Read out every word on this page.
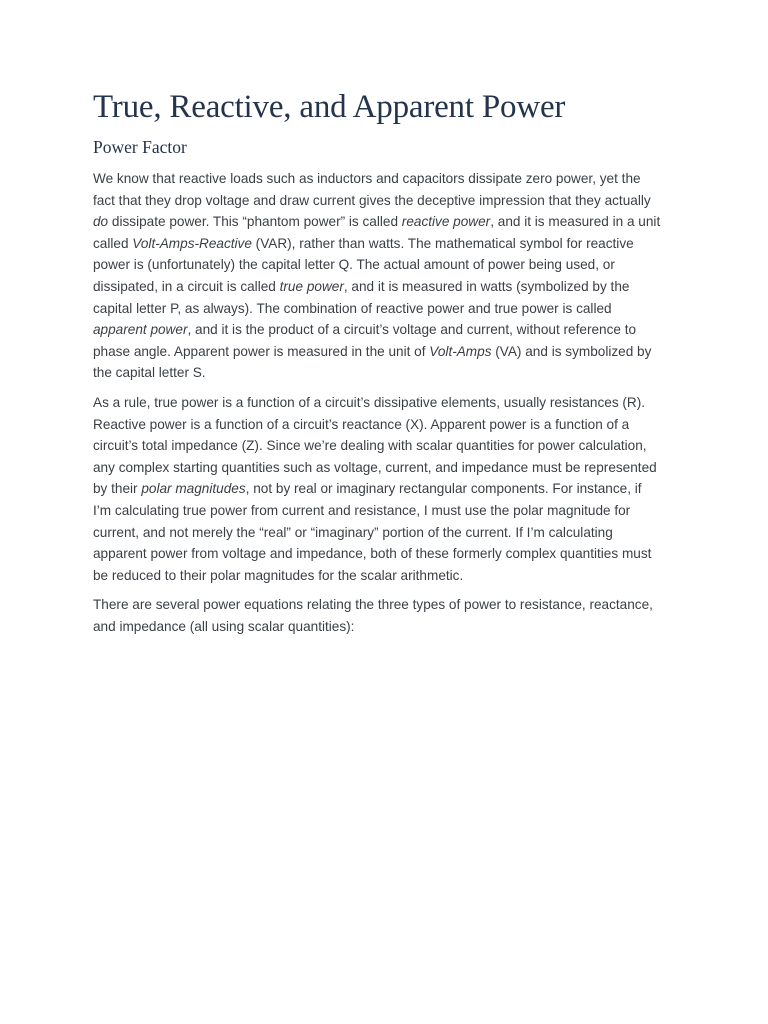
True, Reactive, and Apparent Power
Power Factor

We know that reactive loads such as inductors and capacitors dissipate zero power, yet the fact that they drop voltage and draw current gives the deceptive impression that they actually do dissipate power. This “phantom power” is called reactive power, and it is measured in a unit called Volt-Amps-Reactive (VAR), rather than watts. The mathematical symbol for reactive power is (unfortunately) the capital letter Q. The actual amount of power being used, or dissipated, in a circuit is called true power, and it is measured in watts (symbolized by the capital letter P, as always). The combination of reactive power and true power is called apparent power, and it is the product of a circuit’s voltage and current, without reference to phase angle. Apparent power is measured in the unit of Volt-Amps (VA) and is symbolized by the capital letter S.

As a rule, true power is a function of a circuit’s dissipative elements, usually resistances (R). Reactive power is a function of a circuit’s reactance (X). Apparent power is a function of a circuit’s total impedance (Z). Since we’re dealing with scalar quantities for power calculation, any complex starting quantities such as voltage, current, and impedance must be represented by their polar magnitudes, not by real or imaginary rectangular components. For instance, if I’m calculating true power from current and resistance, I must use the polar magnitude for current, and not merely the “real” or “imaginary” portion of the current. If I’m calculating apparent power from voltage and impedance, both of these formerly complex quantities must be reduced to their polar magnitudes for the scalar arithmetic.

There are several power equations relating the three types of power to resistance, reactance, and impedance (all using scalar quantities):
